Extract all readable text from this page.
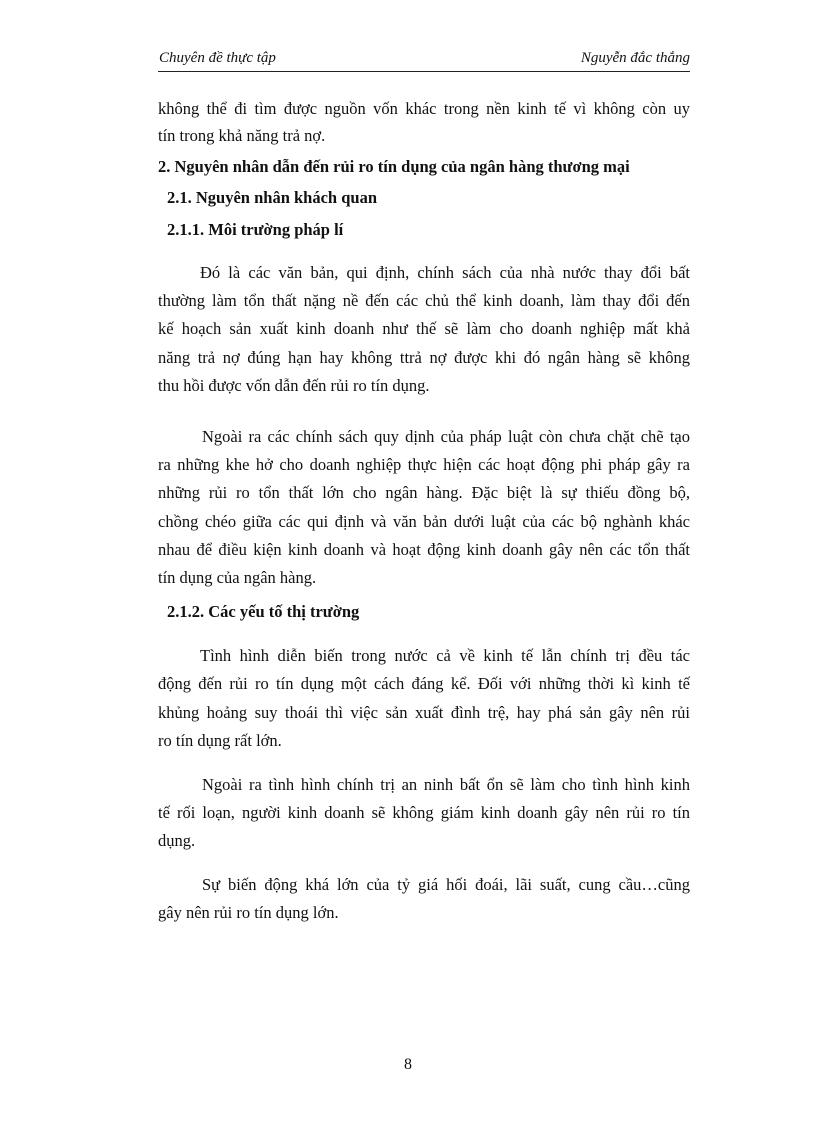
Chuyên đề thực tập	Nguyễn đắc thắng
không thể đi tìm được nguồn vốn khác trong nền kinh tế vì không còn uy
tín trong khả năng trả nợ.
2. Nguyên nhân dẫn đến rủi ro tín dụng của ngân hàng thương mại
2.1. Nguyên nhân khách quan
2.1.1. Môi trường pháp lí
Đó là các văn bản, qui định, chính sách của nhà nước thay đổi bất
thường làm tổn thất nặng nề đến các chủ thể kinh doanh, làm thay đổi đến
kế hoạch sản xuất kinh doanh như thế sẽ làm cho doanh nghiệp mất khả
năng trả nợ đúng hạn hay không ttrả nợ được khi đó ngân hàng sẽ không
thu hồi được vốn dẫn đến rủi ro tín dụng.
Ngoài ra các chính sách quy dịnh của pháp luật còn chưa chặt chẽ tạo
ra những khe hở cho doanh nghiệp thực hiện các hoạt động phi pháp gây ra
những rủi ro tổn thất lớn cho ngân hàng. Đặc biệt là sự thiếu đồng bộ,
chồng chéo giữa các qui định và văn bản dưới luật của các bộ nghành khác
nhau để điều kiện kinh doanh và hoạt động kinh doanh gây nên các tổn thất
tín dụng của ngân hàng.
2.1.2. Các yếu tố thị trường
Tình hình diễn biến trong nước cả về kinh tế lẫn chính trị đều tác
động đến rủi ro tín dụng một cách đáng kể. Đối với những thời kì kinh tế
khủng hoảng suy thoái thì việc sản xuất đình trệ, hay phá sản gây nên rủi
ro tín dụng rất lớn.
Ngoài ra tình hình chính trị an ninh bất ổn sẽ làm cho tình hình kinh
tế rối loạn, người kinh doanh sẽ không giám kinh doanh gây nên rủi ro tín
dụng.
Sự biến động khá lớn của tỷ giá hối đoái, lãi suất, cung cầu…cũng
gây nên rủi ro tín dụng lớn.
8
